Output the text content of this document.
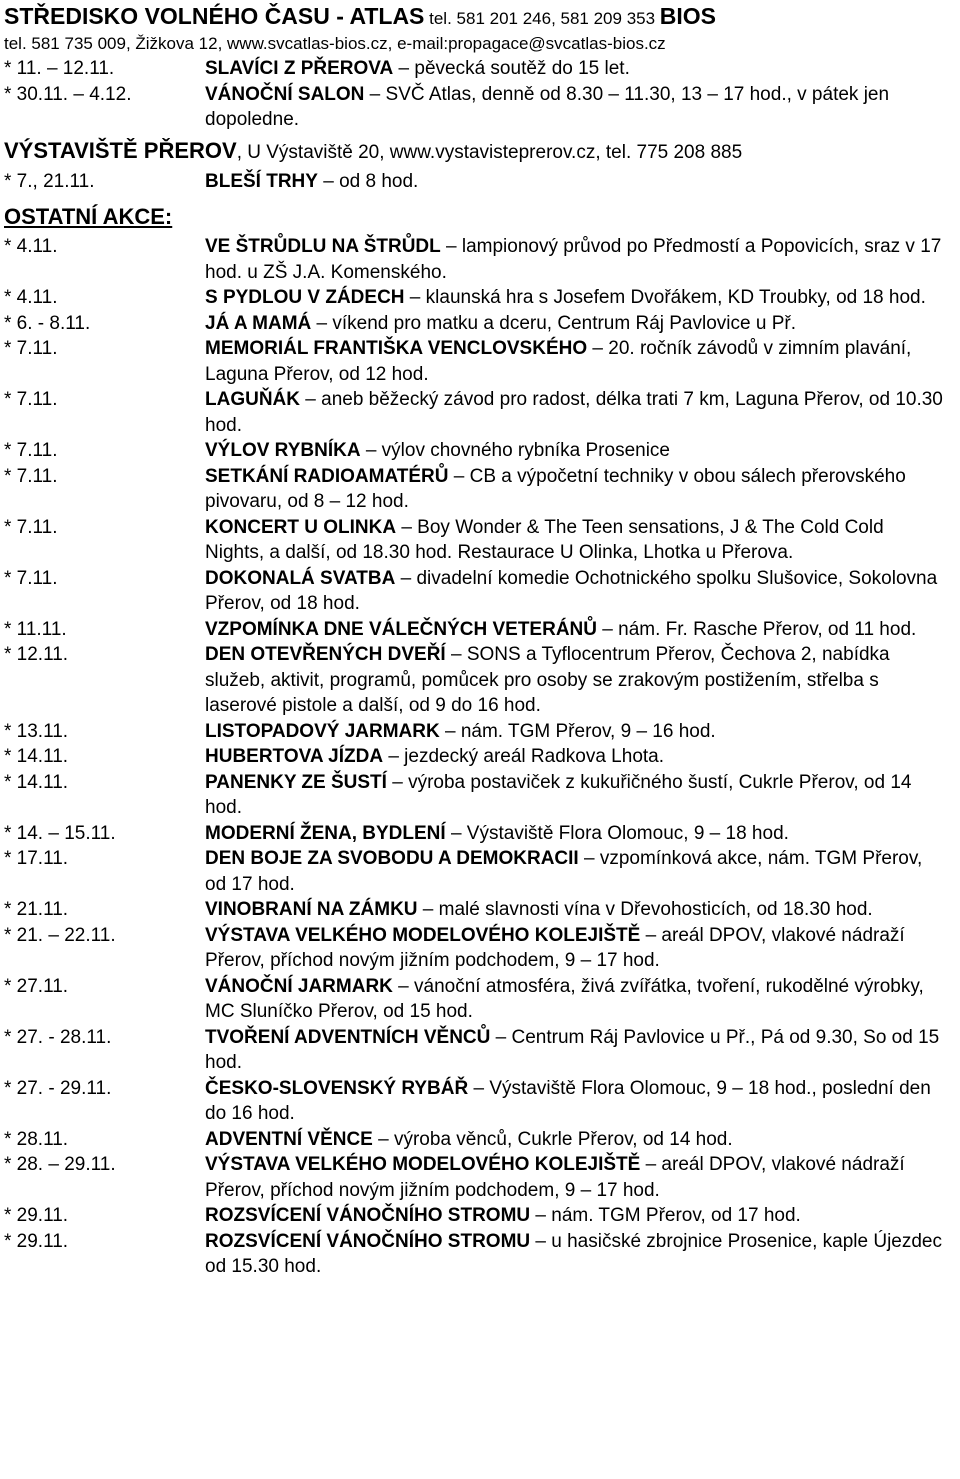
STŘEDISKO VOLNÉHO ČASU - ATLAS tel. 581 201 246, 581 209 353 BIOS
tel. 581 735 009, Žižkova 12, www.svcatlas-bios.cz, e-mail:propagace@svcatlas-bios.cz
* 11. – 12.11.	SLAVÍCI Z PŘEROVA – pěvecká soutěž do 15 let.
* 30.11. – 4.12.	VÁNOČNÍ SALON – SVČ Atlas, denně od 8.30 – 11.30, 13 – 17 hod., v pátek jen dopoledne.
VÝSTAVIŠTĚ PŘEROV, U Výstaviště 20, www.vystavisteprerov.cz, tel. 775 208 885
* 7., 21.11.	BLEŠÍ TRHY – od 8 hod.
OSTATNÍ AKCE:
* 4.11.	VE ŠTRŮDLU NA ŠTRŮDL – lampionový průvod po Předmostí a Popovicích, sraz v 17 hod. u ZŠ J.A. Komenského.
* 4.11.	S PYDLOU V ZÁDECH – klaunská hra s Josefem Dvořákem, KD Troubky, od 18 hod.
* 6. - 8.11.	JÁ A MAMÁ – víkend pro matku a dceru, Centrum Ráj Pavlovice u Př.
* 7.11.	MEMORIÁL FRANTIŠKA VENCLOVSKÉHO – 20. ročník závodů v zimním plavání, Laguna Přerov, od 12 hod.
* 7.11.	LAGUŇÁK – aneb běžecký závod pro radost, délka trati 7 km, Laguna Přerov, od 10.30 hod.
* 7.11.	VÝLOV RYBNÍKA – výlov chovného rybníka Prosenice
* 7.11.	SETKÁNÍ RADIOAMATÉRŮ – CB a výpočetní techniky v obou sálech přerovského pivovaru, od 8 – 12 hod.
* 7.11.	KONCERT U OLINKA – Boy Wonder & The Teen sensations, J & The Cold Cold Nights, a další, od 18.30 hod. Restaurace U Olinka, Lhotka u Přerova.
* 7.11.	DOKONALÁ SVATBA – divadelní komedie Ochotnického spolku Slušovice, Sokolovna Přerov, od 18 hod.
* 11.11.	VZPOMÍNKA DNE VÁLEČNÝCH VETERÁNŮ – nám. Fr. Rasche Přerov, od 11 hod.
* 12.11.	DEN OTEVŘENÝCH DVEŘÍ – SONS a Tyflocentrum Přerov, Čechova 2, nabídka služeb, aktivit, programů, pomůcek pro osoby se zrakovým postižením, střelba s laserové pistole a další, od 9 do 16 hod.
* 13.11.	LISTOPADOVÝ JARMARK – nám. TGM Přerov, 9 – 16 hod.
* 14.11.	HUBERTOVA JÍZDA – jezdecký areál Radkova Lhota.
* 14.11.	PANENKY ZE ŠUSTÍ – výroba postaviček z kukuřičného šustí, Cukrle Přerov, od 14 hod.
* 14. – 15.11.	MODERNÍ ŽENA, BYDLENÍ – Výstaviště Flora Olomouc, 9 – 18 hod.
* 17.11.	DEN BOJE ZA SVOBODU A DEMOKRACII – vzpomínková akce, nám. TGM Přerov, od 17 hod.
* 21.11.	VINOBRANÍ NA ZÁMKU – malé slavnosti vína v Dřevohosticích, od 18.30 hod.
* 21. – 22.11.	VÝSTAVA VELKÉHO MODELOVÉHO KOLEJIŠTĚ – areál DPOV, vlakové nádraží Přerov, příchod novým jižním podchodem, 9 – 17 hod.
* 27.11.	VÁNOČNÍ JARMARK – vánoční atmosféra, živá zvířátka, tvoření, rukodělné výrobky, MC Sluníčko Přerov, od 15 hod.
* 27. - 28.11.	TVOŘENÍ ADVENTNÍCH VĚNCŮ – Centrum Ráj Pavlovice u Př., Pá od 9.30, So od 15 hod.
* 27. - 29.11.	ČESKO-SLOVENSKÝ RYBÁŘ – Výstaviště Flora Olomouc, 9 – 18 hod., poslední den do 16 hod.
* 28.11.	ADVENTNÍ VĚNCE – výroba věnců, Cukrle Přerov, od 14 hod.
* 28. – 29.11.	VÝSTAVA VELKÉHO MODELOVÉHO KOLEJIŠTĚ – areál DPOV, vlakové nádraží Přerov, příchod novým jižním podchodem, 9 – 17 hod.
* 29.11.	ROZSVÍCENÍ VÁNOČNÍHO STROMU – nám. TGM Přerov, od 17 hod.
* 29.11.	ROZSVÍCENÍ VÁNOČNÍHO STROMU – u hasičské zbrojnice Prosenice, kaple Újezdec od 15.30 hod.
